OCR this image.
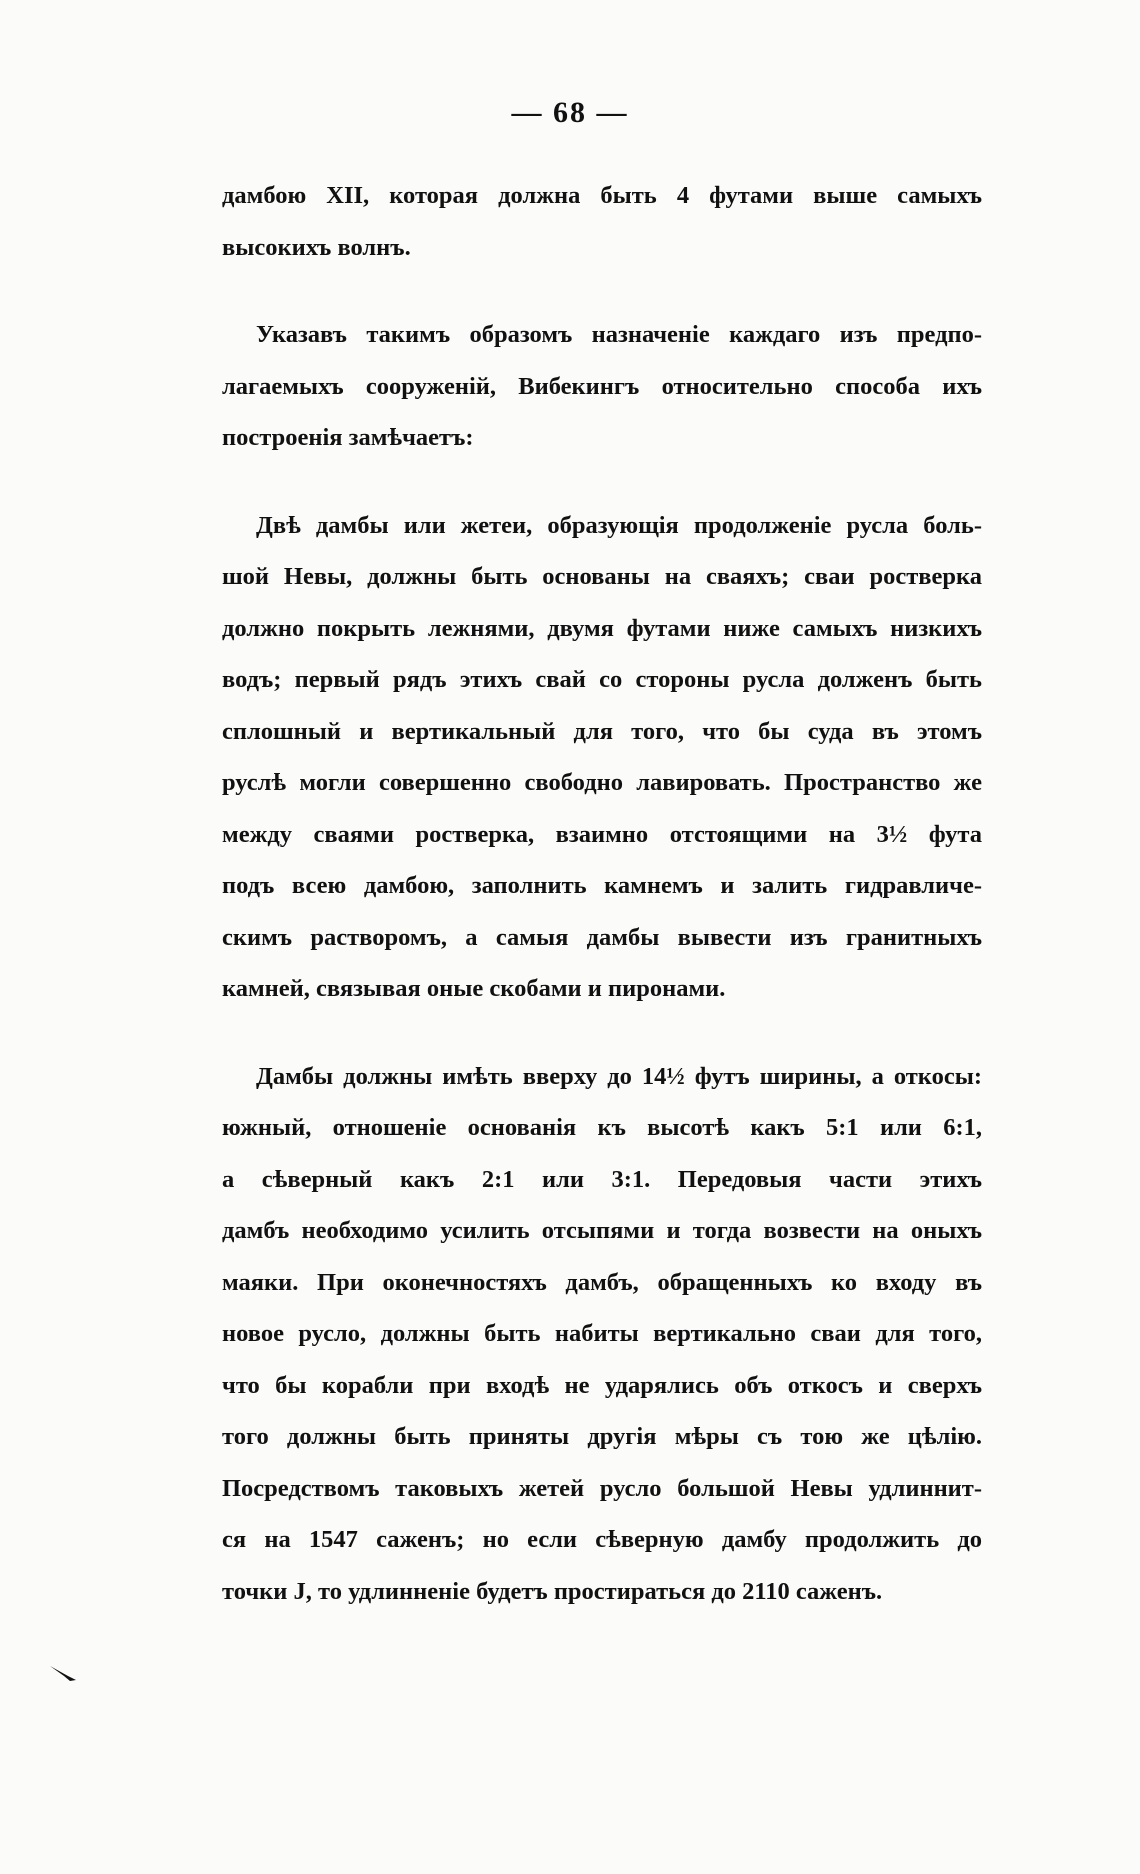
— 68 —

дамбою XII, которая должна быть 4 футами выше самыхъ
высокихъ волнъ.

Указавъ такимъ образомъ назначеніе каждаго изъ предпо-
лагаемыхъ сооруженій, Вибекингъ относительно способа ихъ
построенія замѣчаетъ:

Двѣ дамбы или жетеи, образующія продолженіе русла боль-
шой Невы, должны быть основаны на сваяхъ; сваи ростверка
должно покрыть лежнями, двумя футами ниже самыхъ низкихъ
водъ; первый рядъ этихъ свай со стороны русла долженъ быть
сплошный и вертикальный для того, что бы суда въ этомъ
руслѣ могли совершенно свободно лавировать. Пространство же
между сваями ростверка, взаимно отстоящими на 3½ фута
подъ всею дамбою, заполнить камнемъ и залить гидравличе-
скимъ растворомъ, а самыя дамбы вывести изъ гранитныхъ
камней, связывая оные скобами и пиронами.

Дамбы должны имѣть вверху до 14½ футъ ширины, а откосы:
южный, отношеніе основанія къ высотѣ какъ 5:1 или 6:1,
а сѣверный какъ 2:1 или 3:1. Передовыя части этихъ
дамбъ необходимо усилить отсыпями и тогда возвести на оныхъ
маяки. При оконечностяхъ дамбъ, обращенныхъ ко входу въ
новое русло, должны быть набиты вертикально сваи для того,
что бы корабли при входѣ не ударялись объ откосъ и сверхъ
того должны быть приняты другія мѣры съ тою же цѣлію.
Посредствомъ таковыхъ жетей русло большой Невы удлиннит-
ся на 1547 саженъ; но если сѣверную дамбу продолжить до
точки J, то удлинненіе будетъ простираться до 2110 саженъ.
